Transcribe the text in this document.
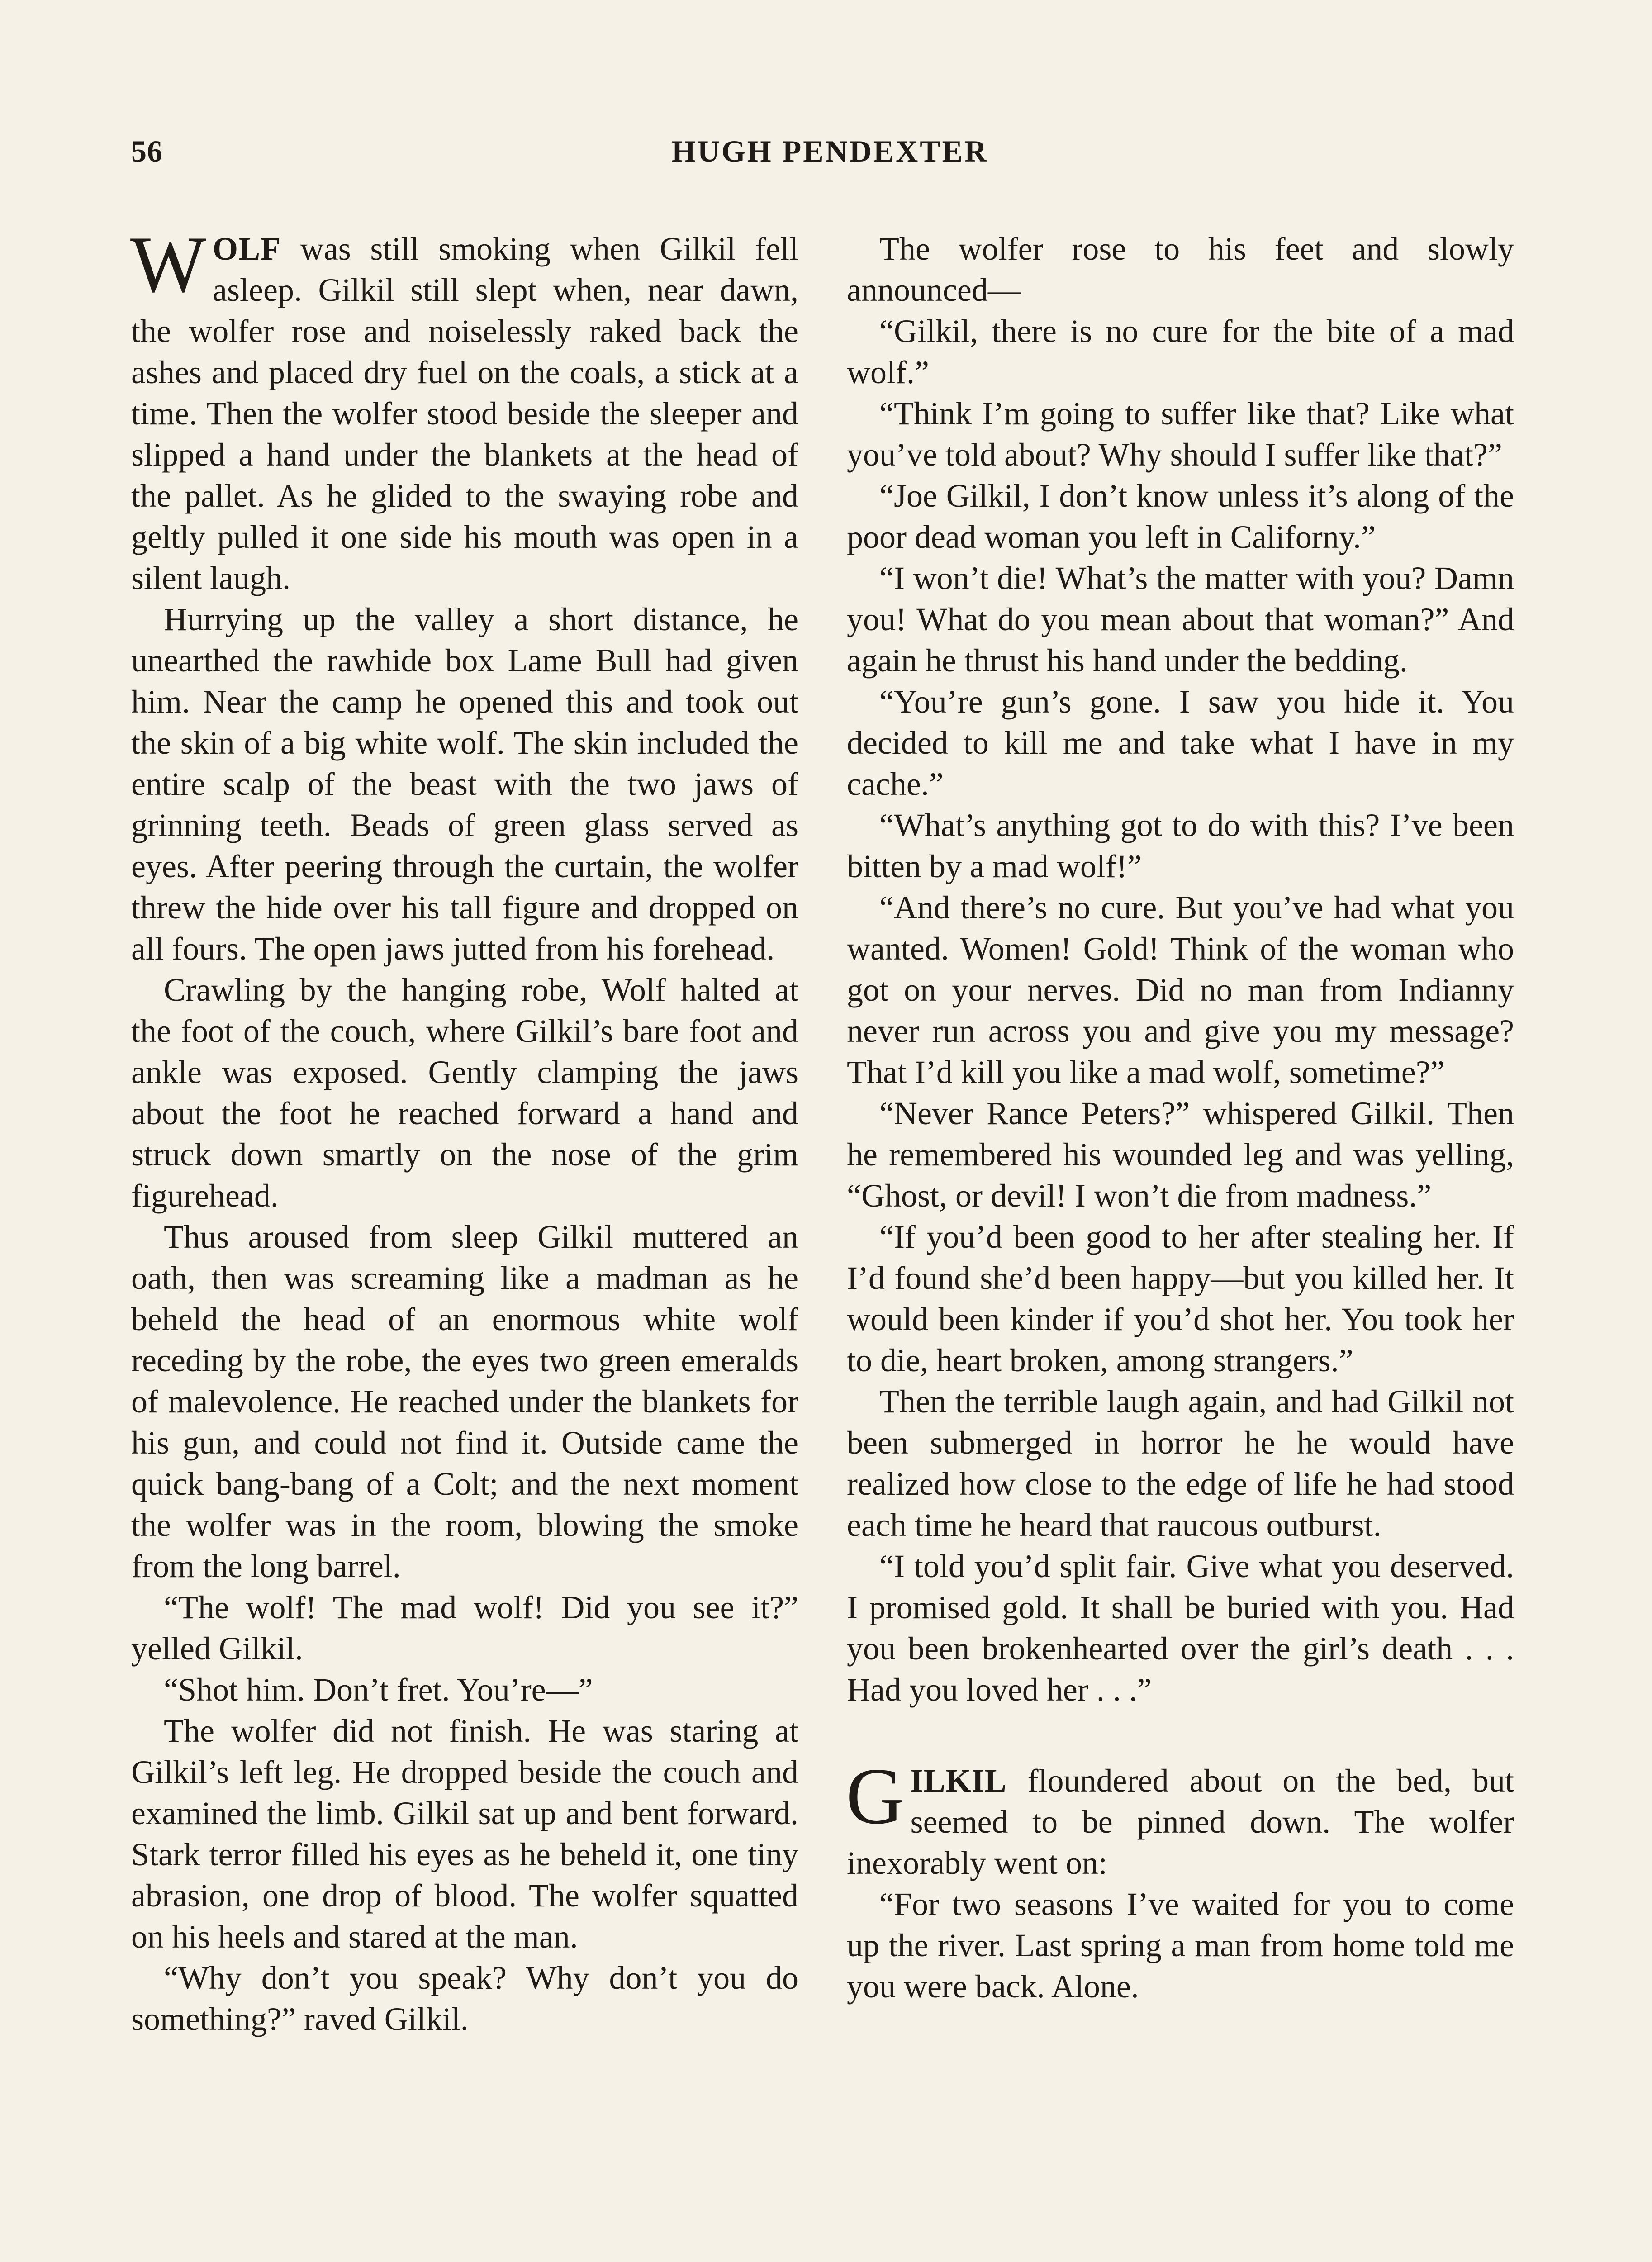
56	HUGH PENDEXTER

WOLF was still smoking when Gilkil fell asleep. Gilkil still slept when, near dawn, the wolfer rose and noiselessly raked back the ashes and placed dry fuel on the coals, a stick at a time. Then the wolfer stood beside the sleeper and slipped a hand under the blankets at the head of the pallet. As he glided to the swaying robe and geltly pulled it one side his mouth was open in a silent laugh.

Hurrying up the valley a short distance, he unearthed the rawhide box Lame Bull had given him. Near the camp he opened this and took out the skin of a big white wolf. The skin included the entire scalp of the beast with the two jaws of grinning teeth. Beads of green glass served as eyes. After peering through the curtain, the wolfer threw the hide over his tall figure and dropped on all fours. The open jaws jutted from his forehead.

Crawling by the hanging robe, Wolf halted at the foot of the couch, where Gilkil’s bare foot and ankle was exposed. Gently clamping the jaws about the foot he reached forward a hand and struck down smartly on the nose of the grim figurehead.

Thus aroused from sleep Gilkil muttered an oath, then was screaming like a madman as he beheld the head of an enormous white wolf receding by the robe, the eyes two green emeralds of malevolence. He reached under the blankets for his gun, and could not find it. Outside came the quick bang-bang of a Colt; and the next moment the wolfer was in the room, blowing the smoke from the long barrel.

“The wolf! The mad wolf! Did you see it?” yelled Gilkil.

“Shot him. Don’t fret. You’re—”

The wolfer did not finish. He was staring at Gilkil’s left leg. He dropped beside the couch and examined the limb. Gilkil sat up and bent forward. Stark terror filled his eyes as he beheld it, one tiny abrasion, one drop of blood. The wolfer squatted on his heels and stared at the man.

“Why don’t you speak? Why don’t you do something?” raved Gilkil.

The wolfer rose to his feet and slowly announced—

“Gilkil, there is no cure for the bite of a mad wolf.”

“Think I’m going to suffer like that? Like what you’ve told about? Why should I suffer like that?”

“Joe Gilkil, I don’t know unless it’s along of the poor dead woman you left in Californy.”

“I won’t die! What’s the matter with you? Damn you! What do you mean about that woman?” And again he thrust his hand under the bedding.

“You’re gun’s gone. I saw you hide it. You decided to kill me and take what I have in my cache.”

“What’s anything got to do with this? I’ve been bitten by a mad wolf!”

“And there’s no cure. But you’ve had what you wanted. Women! Gold! Think of the woman who got on your nerves. Did no man from Indianny never run across you and give you my message? That I’d kill you like a mad wolf, sometime?”

“Never Rance Peters?” whispered Gilkil. Then he remembered his wounded leg and was yelling, “Ghost, or devil! I won’t die from madness.”

“If you’d been good to her after stealing her. If I’d found she’d been happy—but you killed her. It would been kinder if you’d shot her. You took her to die, heart broken, among strangers.”

Then the terrible laugh again, and had Gilkil not been submerged in horror he he would have realized how close to the edge of life he had stood each time he heard that raucous outburst.

“I told you’d split fair. Give what you deserved. I promised gold. It shall be buried with you. Had you been brokenhearted over the girl’s death . . . Had you loved her . . .”

GILKIL floundered about on the bed, but seemed to be pinned down. The wolfer inexorably went on:

“For two seasons I’ve waited for you to come up the river. Last spring a man from home told me you were back. Alone.
